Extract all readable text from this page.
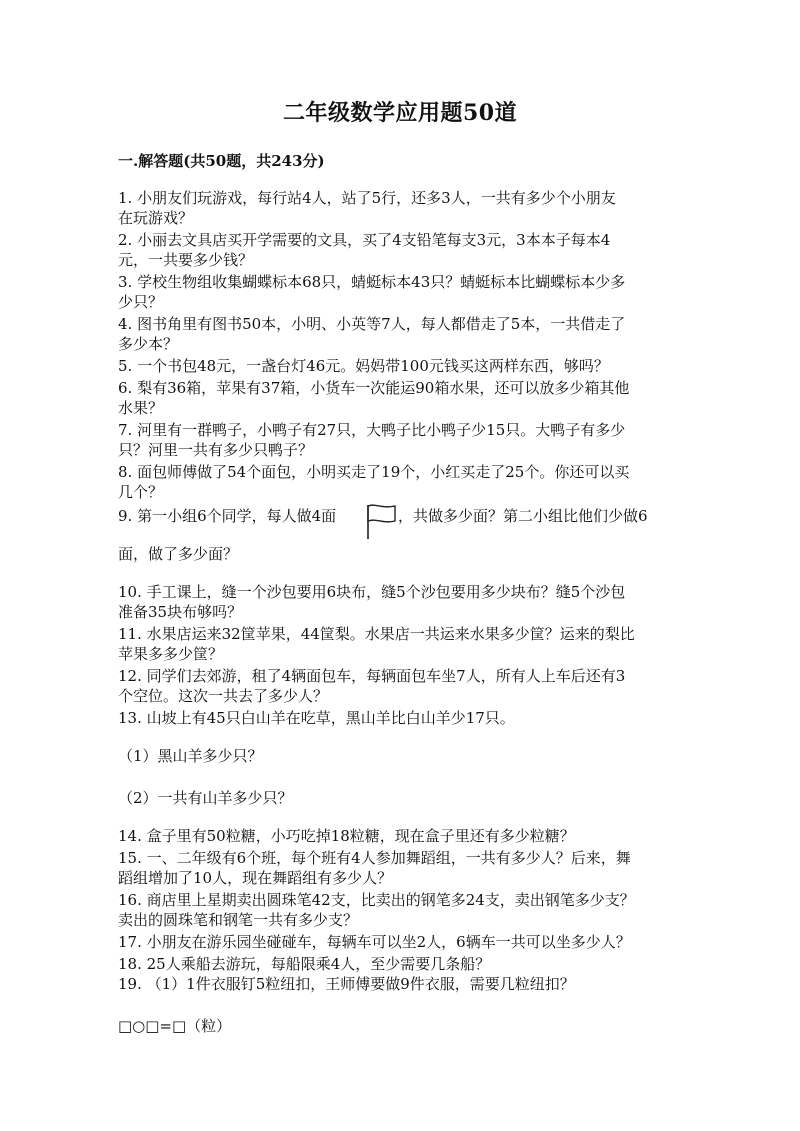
二年级数学应用题50道
一.解答题(共50题，共243分)
1. 小朋友们玩游戏，每行站4人，站了5行，还多3人，一共有多少个小朋友
在玩游戏？
2. 小丽去文具店买开学需要的文具，买了4支铅笔每支3元，3本本子每本4
元，一共要多少钱？
3. 学校生物组收集蝴蝶标本68只，蜻蜓标本43只？蜻蜓标本比蝴蝶标本少多
少只？
4. 图书角里有图书50本，小明、小英等7人，每人都借走了5本，一共借走了
多少本？
5. 一个书包48元，一盏台灯46元。妈妈带100元钱买这两样东西，够吗？
6. 梨有36箱，苹果有37箱，小货车一次能运90箱水果，还可以放多少箱其他
水果？
7. 河里有一群鸭子，小鸭子有27只，大鸭子比小鸭子少15只。大鸭子有多少
只？河里一共有多少只鸭子？
8. 面包师傅做了54个面包，小明买走了19个，小红买走了25个。你还可以买
几个？
9. 第一小组6个同学，每人做4面	，共做多少面？第二小组比他们少做6
面，做了多少面？
10. 手工课上，缝一个沙包要用6块布，缝5个沙包要用多少块布？缝5个沙包
准备35块布够吗？
11. 水果店运来32筐苹果，44筐梨。水果店一共运来水果多少筐？运来的梨比
苹果多多少筐？
12. 同学们去郊游，租了4辆面包车，每辆面包车坐7人，所有人上车后还有3
个空位。这次一共去了多少人？
13. 山坡上有45只白山羊在吃草，黑山羊比白山羊少17只。
（1）黑山羊多少只？
（2）一共有山羊多少只？
14. 盒子里有50粒糖，小巧吃掉18粒糖，现在盒子里还有多少粒糖？
15. 一、二年级有6个班，每个班有4人参加舞蹈组，一共有多少人？后来，舞
蹈组增加了10人，现在舞蹈组有多少人？
16. 商店里上星期卖出圆珠笔42支，比卖出的钢笔多24支，卖出钢笔多少支？
卖出的圆珠笔和钢笔一共有多少支？
17. 小朋友在游乐园坐碰碰车，每辆车可以坐2人，6辆车一共可以坐多少人？
18. 25人乘船去游玩，每船限乘4人，至少需要几条船？
19. （1）1件衣服钉5粒纽扣，王师傅要做9件衣服，需要几粒纽扣？
□○□=□（粒）
